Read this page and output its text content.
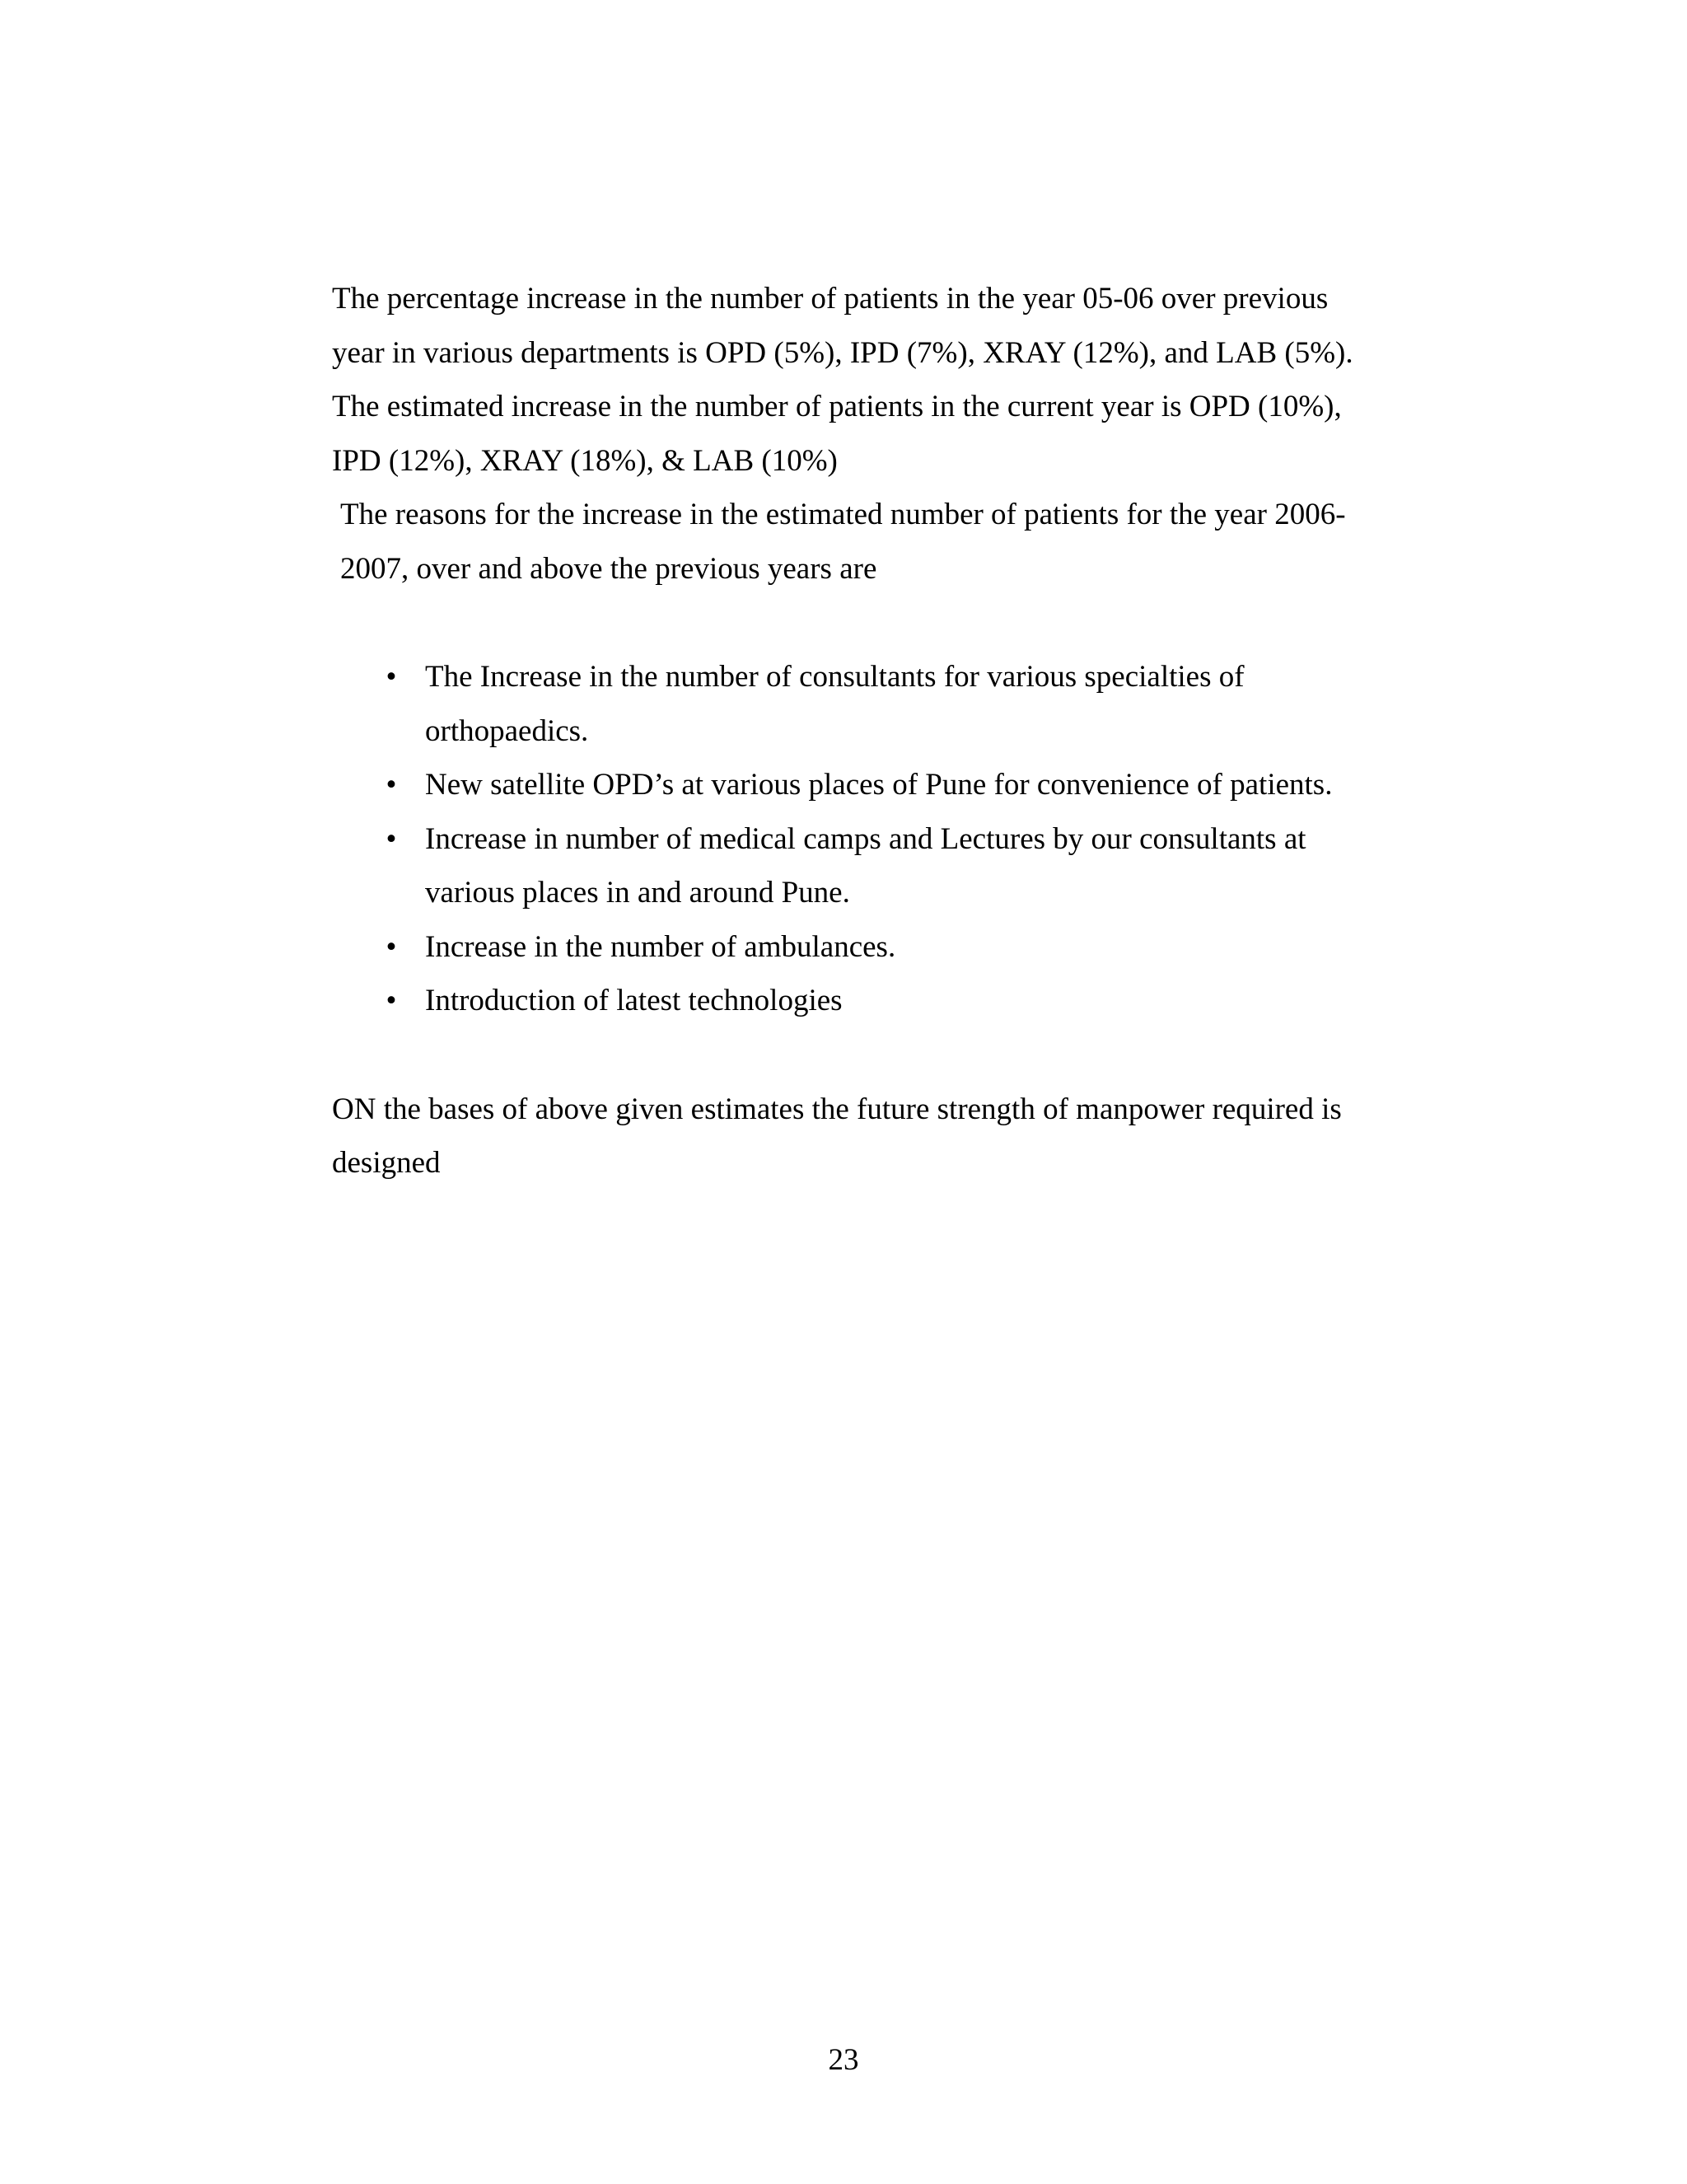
The percentage increase in the number of patients in the year 05-06 over previous year in various departments is OPD (5%), IPD (7%), XRAY (12%), and LAB (5%). The estimated increase in the number of patients in the current year is OPD (10%), IPD (12%), XRAY (18%), & LAB (10%)

The reasons for the increase in the estimated number of patients for the year 2006-2007, over and above the previous years are

• The Increase in the number of consultants for various specialties of orthopaedics.
• New satellite OPD’s at various places of Pune for convenience of patients.
• Increase in number of medical camps and Lectures by our consultants at various places in and around Pune.
• Increase in the number of ambulances.
• Introduction of latest technologies

ON the bases of above given estimates the future strength of manpower required is designed

23
